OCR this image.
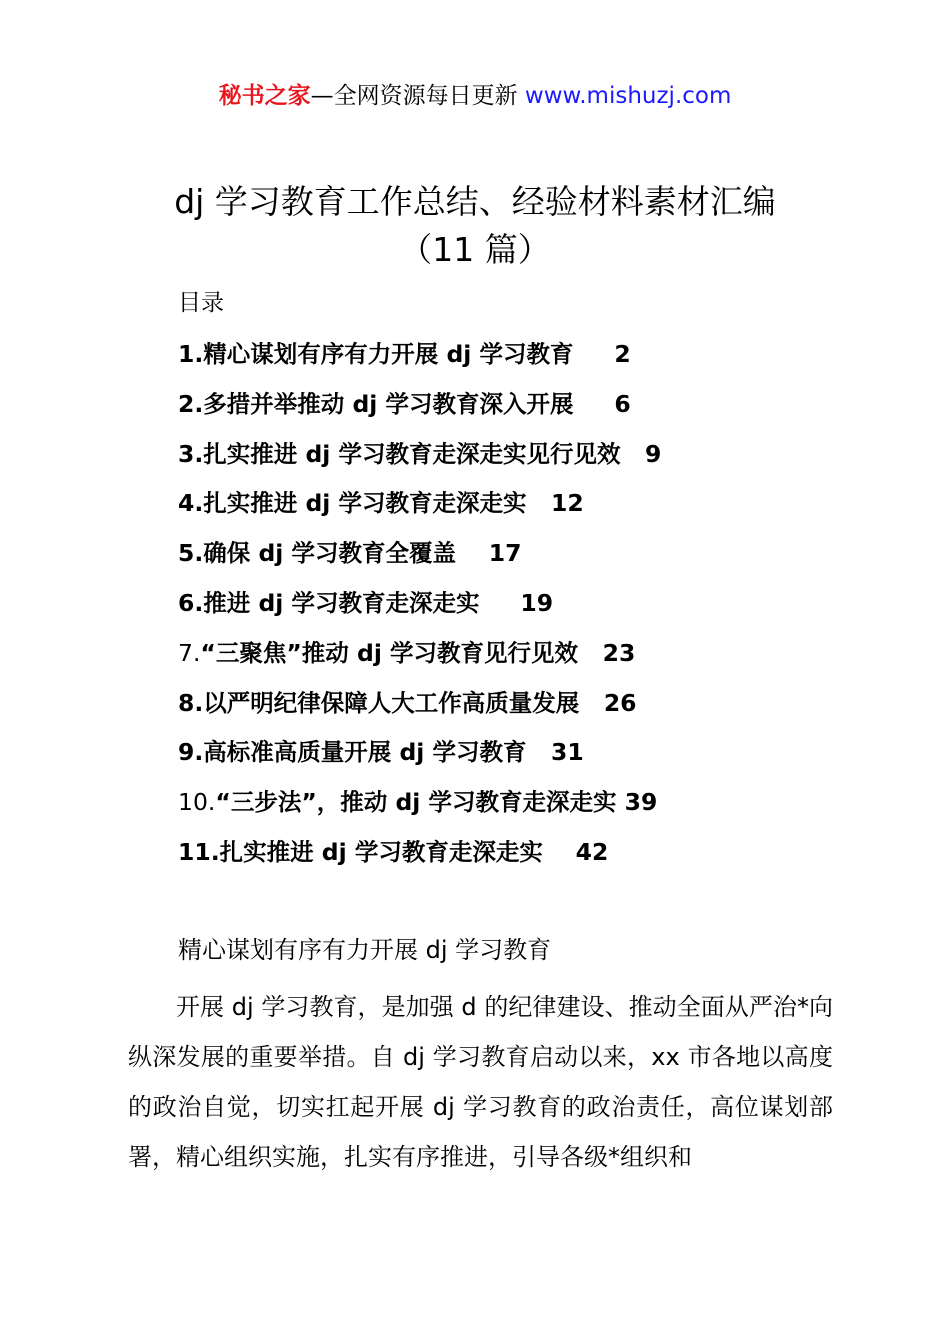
秘书之家—全网资源每日更新 www.mishuzj.com
dj 学习教育工作总结、经验材料素材汇编
（11 篇）
目录
1.精心谋划有序有力开展 dj 学习教育     2
2.多措并举推动 dj 学习教育深入开展     6
3.扎实推进 dj 学习教育走深走实见行见效   9
4.扎实推进 dj 学习教育走深走实   12
5.确保 dj 学习教育全覆盖    17
6.推进 dj 学习教育走深走实     19
7.“三聚焦”推动 dj 学习教育见行见效   23
8.以严明纪律保障人大工作高质量发展   26
9.高标准高质量开展 dj 学习教育   31
10.“三步法”，推动 dj 学习教育走深走实 39
11.扎实推进 dj 学习教育走深走实    42
精心谋划有序有力开展 dj 学习教育
开展 dj 学习教育，是加强 d 的纪律建设、推动全面从严治*向纵深发展的重要举措。自 dj 学习教育启动以来，xx 市各地以高度的政治自觉，切实扛起开展 dj 学习教育的政治责任，高位谋划部署，精心组织实施，扎实有序推进，引导各级*组织和
